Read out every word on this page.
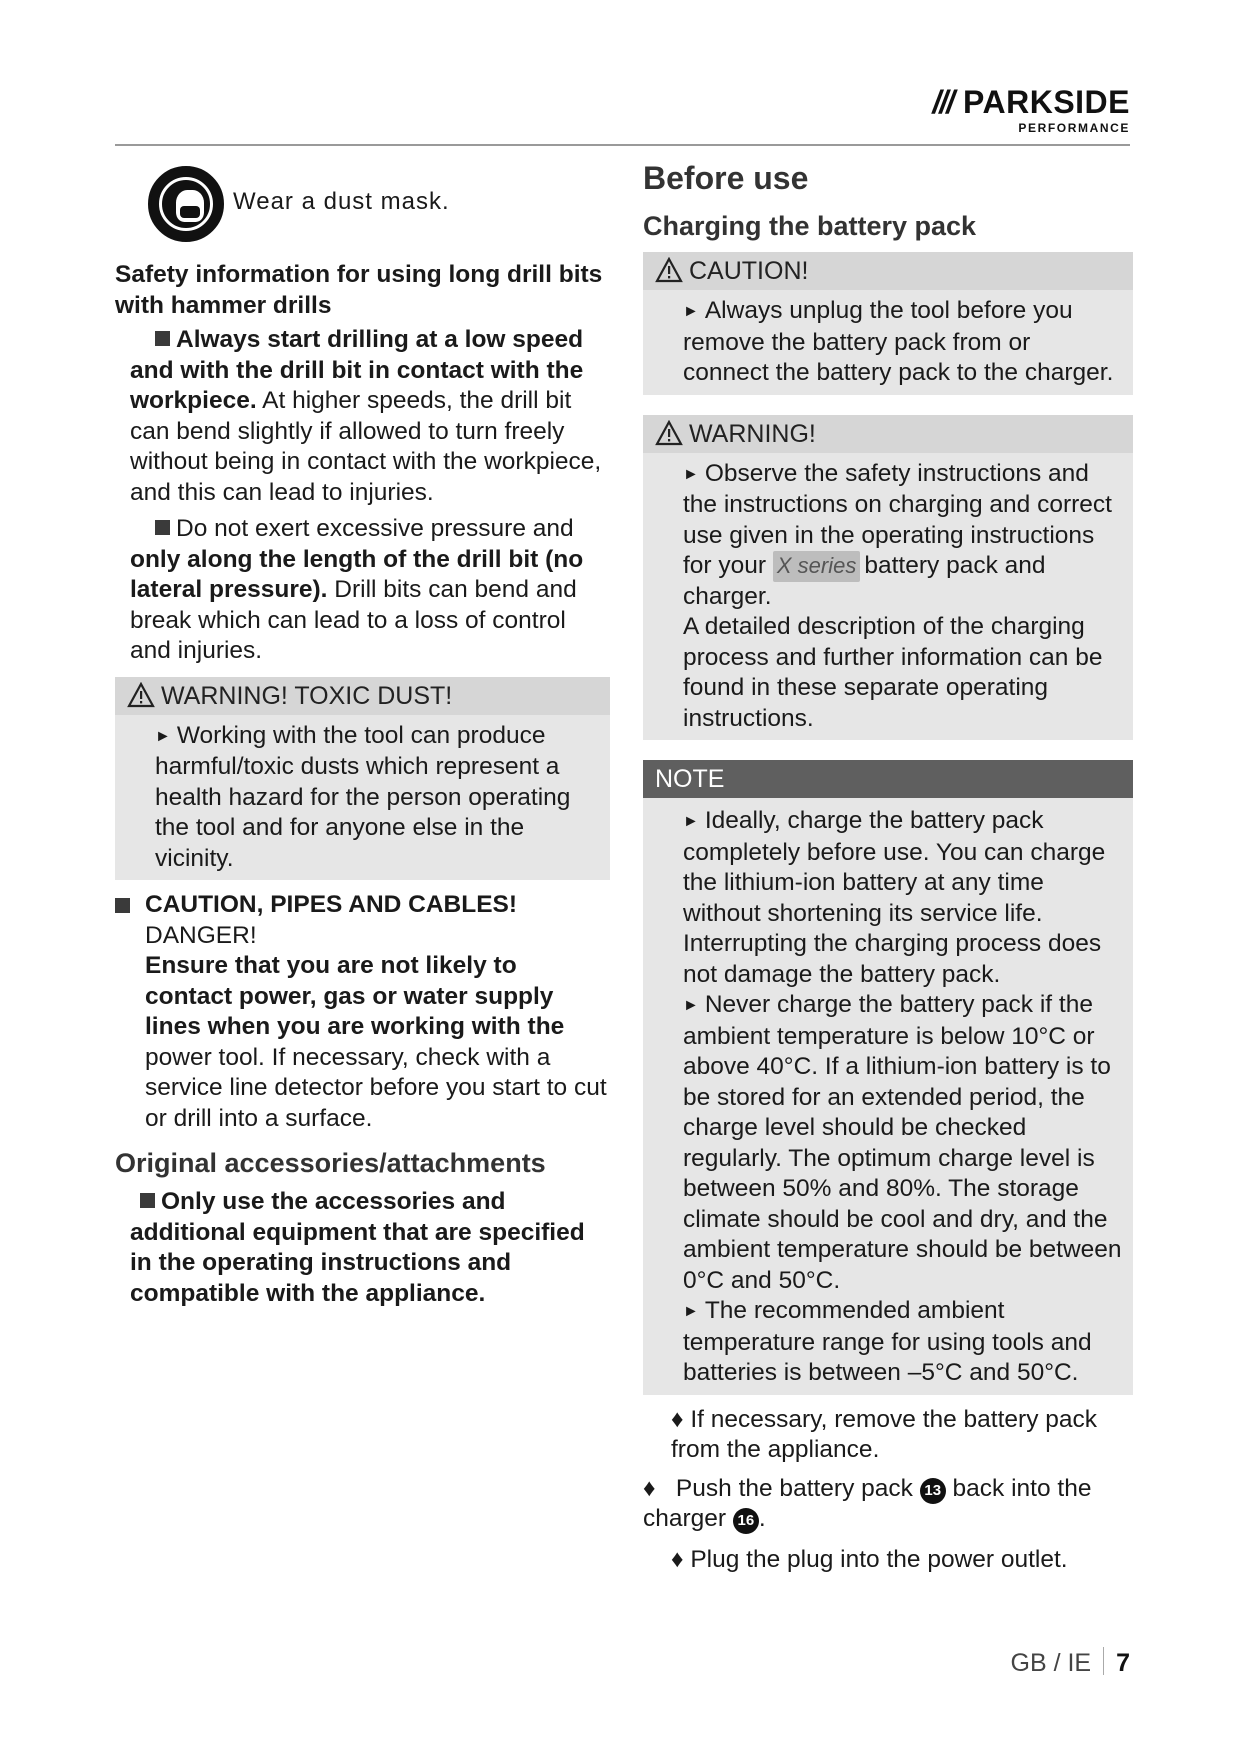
/// PARKSIDE
PERFORMANCE
Wear a dust mask.
Safety information for using long drill bits with hammer drills
Always start drilling at a low speed and with the drill bit in contact with the workpiece. At higher speeds, the drill bit can bend slightly if allowed to turn freely without being in contact with the workpiece, and this can lead to injuries.
Do not exert excessive pressure and only along the length of the drill bit (no lateral pressure). Drill bits can bend and break which can lead to a loss of control and injuries.
WARNING! TOXIC DUST!
► Working with the tool can produce harmful/toxic dusts which represent a health hazard for the person operating the tool and for anyone else in the vicinity.
CAUTION, PIPES AND CABLES!
DANGER!
Ensure that you are not likely to contact power, gas or water supply lines when you are working with the power tool. If necessary, check with a service line detector before you start to cut or drill into a surface.
Original accessories/attachments
Only use the accessories and additional equipment that are specified in the operating instructions and compatible with the appliance.
Before use
Charging the battery pack
CAUTION!
► Always unplug the tool before you remove the battery pack from or connect the battery pack to the charger.
WARNING!
► Observe the safety instructions and the instructions on charging and correct use given in the operating instructions for your X series battery pack and charger.
A detailed description of the charging process and further information can be found in these separate operating instructions.
NOTE
► Ideally, charge the battery pack completely before use. You can charge the lithium-ion battery at any time without shortening its service life. Interrupting the charging process does not damage the battery pack.
► Never charge the battery pack if the ambient temperature is below 10°C or above 40°C. If a lithium-ion battery is to be stored for an extended period, the charge level should be checked regularly. The optimum charge level is between 50% and 80%. The storage climate should be cool and dry, and the ambient temperature should be between 0°C and 50°C.
► The recommended ambient temperature range for using tools and batteries is between –5°C and 50°C.
♦ If necessary, remove the battery pack from the appliance.
♦   Push the battery pack 13 back into the charger 16 .
♦ Plug the plug into the power outlet.
GB / IE 7
